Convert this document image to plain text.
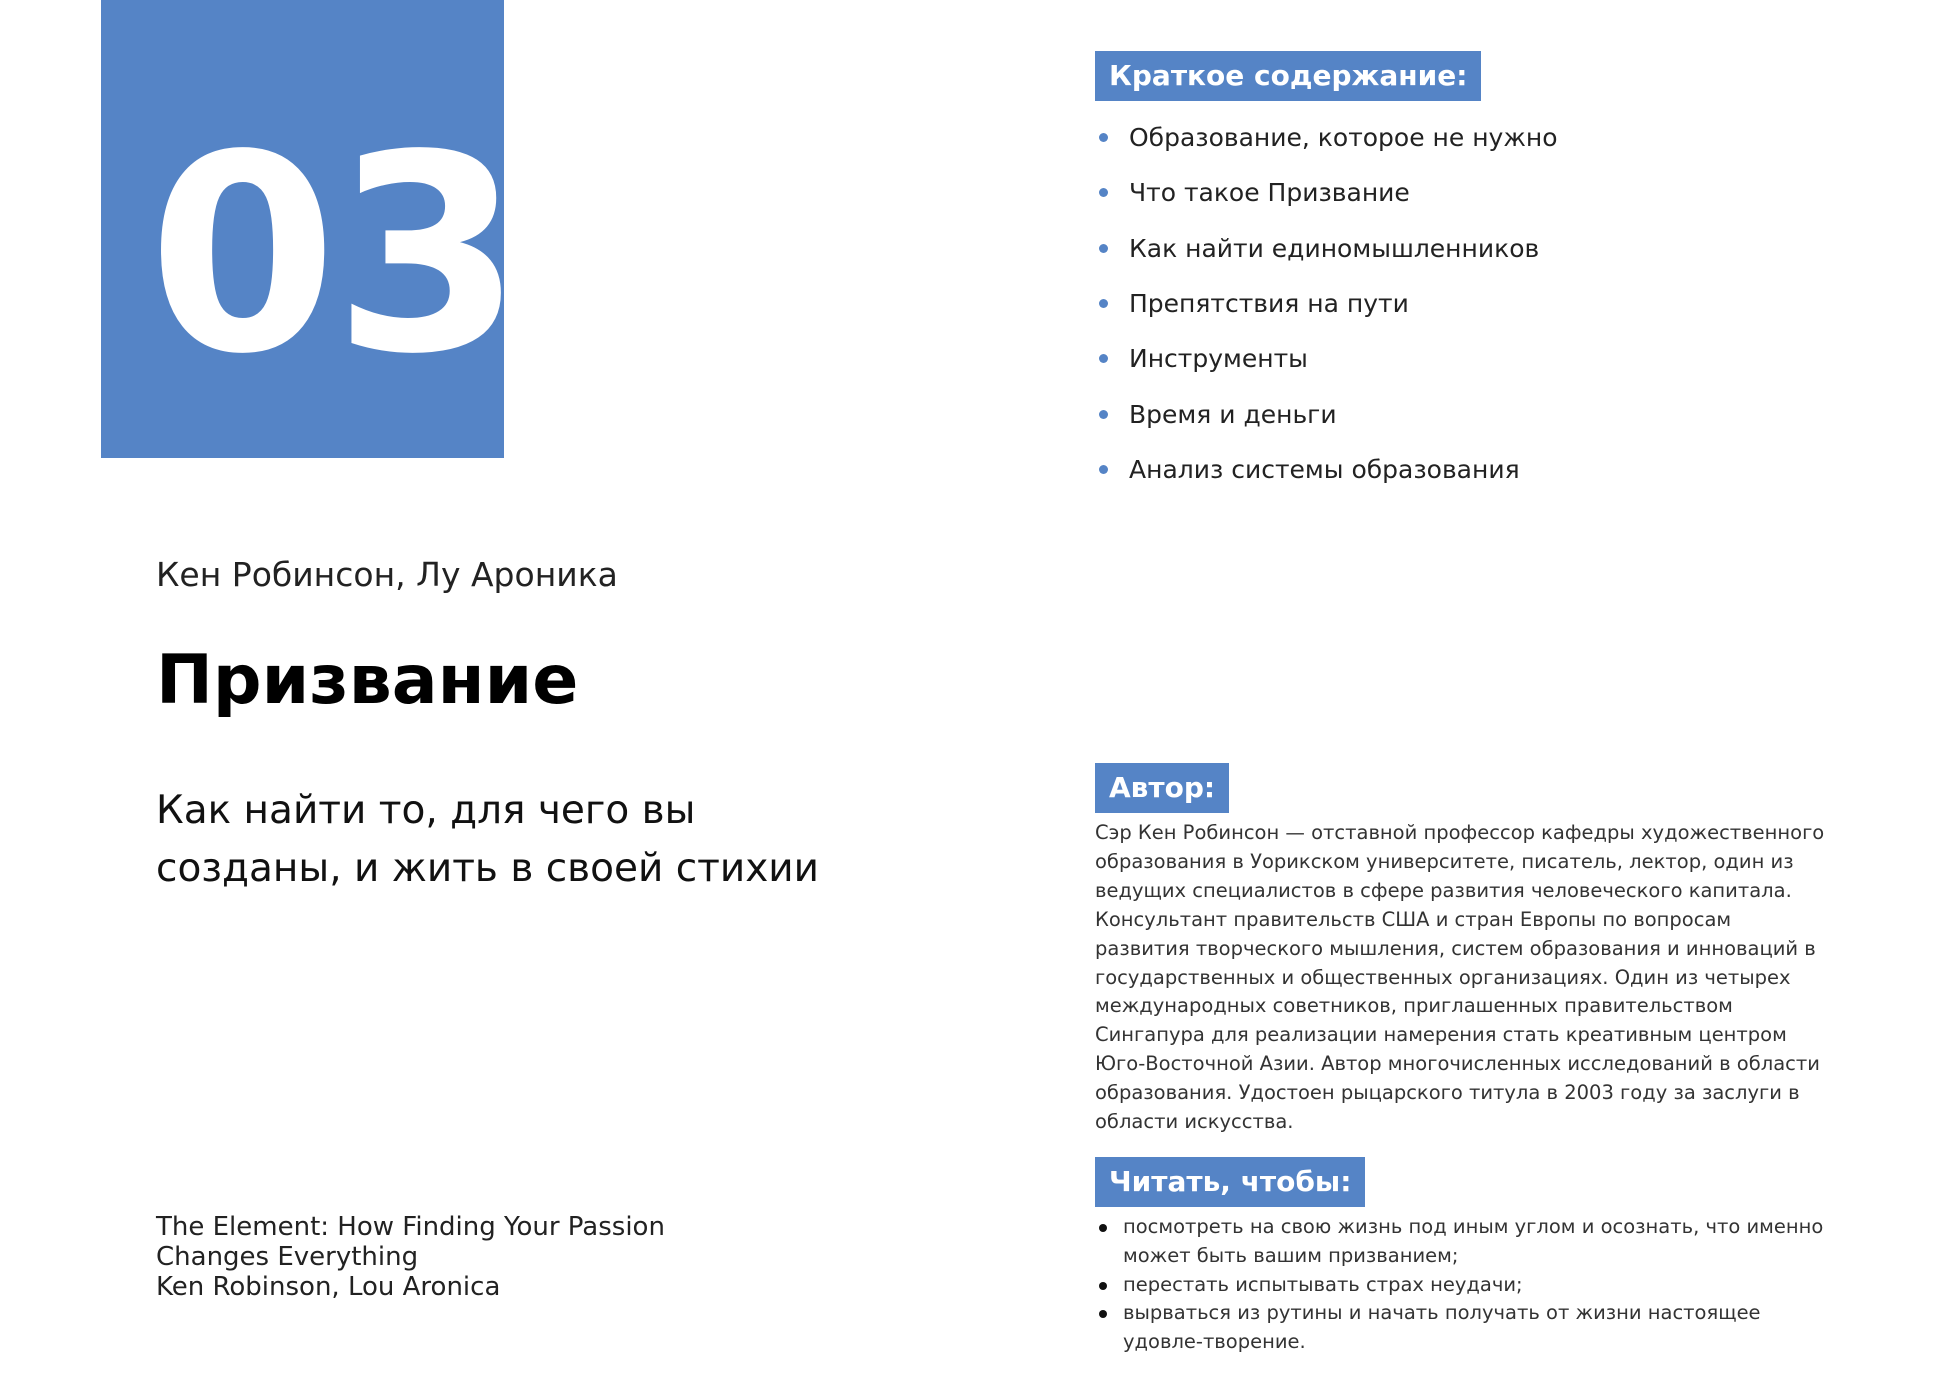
03
Кен Робинсон, Лу Ароника
Призвание
Как найти то, для чего вы созданы, и жить в своей стихии
The Element: How Finding Your Passion
Changes Everything
Ken Robinson, Lou Aronica
Краткое содержание:
Образование, которое не нужно
Что такое Призвание
Как найти единомышленников
Препятствия на пути
Инструменты
Время и деньги
Анализ системы образования
Автор:

Сэр Кен Робинсон — отставной профессор кафедры художественного образования в Уорикском университете, писатель, лектор, один из ведущих специалистов в сфере развития человеческого капитала. Консультант правительств США и стран Европы по вопросам развития творческого мышления, систем образования и инноваций в государственных и общественных организациях. Один из четырех международных советников, приглашенных правительством Сингапура для реализации намерения стать креативным центром Юго-Восточной Азии. Автор многочисленных исследований в области образования. Удостоен рыцарского титула в 2003 году за заслуги в области искусства.

Читать, чтобы:
посмотреть на свою жизнь под иным углом и осознать, что именно может быть вашим призванием;
перестать испытывать страх неудачи;
вырваться из рутины и начать получать от жизни настоящее удовле-творение.
